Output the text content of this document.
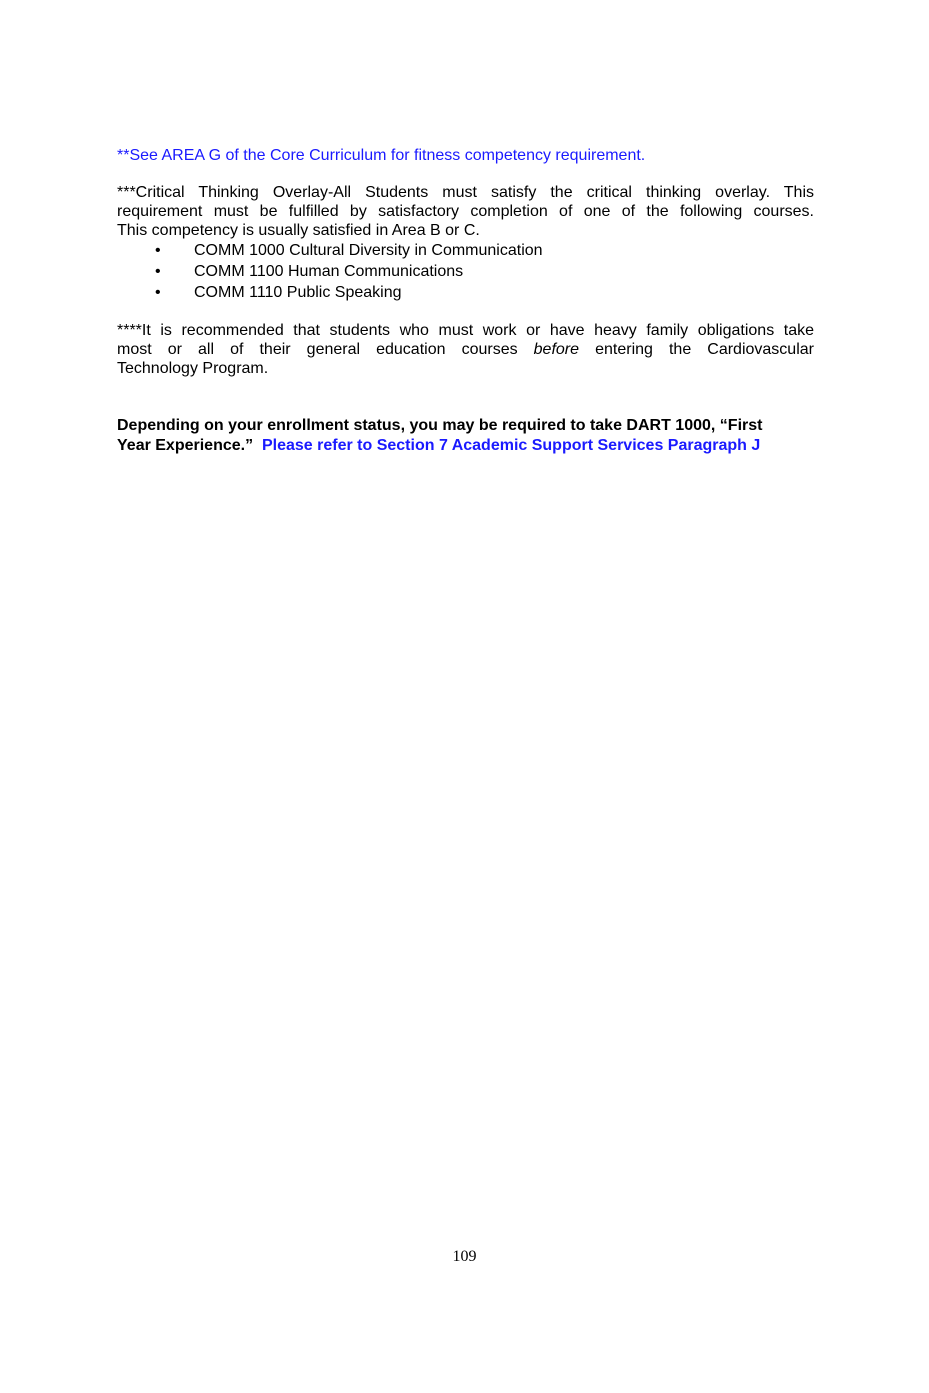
**See AREA G of the Core Curriculum for fitness competency requirement.

***Critical Thinking Overlay-All Students must satisfy the critical thinking overlay. This
requirement must be fulfilled by satisfactory completion of one of the following courses.
This competency is usually satisfied in Area B or C.
• COMM 1000 Cultural Diversity in Communication
• COMM 1100 Human Communications
• COMM 1110 Public Speaking
****It is recommended that students who must work or have heavy family obligations take
most or all of their general education courses before entering the Cardiovascular
Technology Program.
Depending on your enrollment status, you may be required to take DART 1000, “First
Year Experience.” Please refer to Section 7 Academic Support Services Paragraph J
109
